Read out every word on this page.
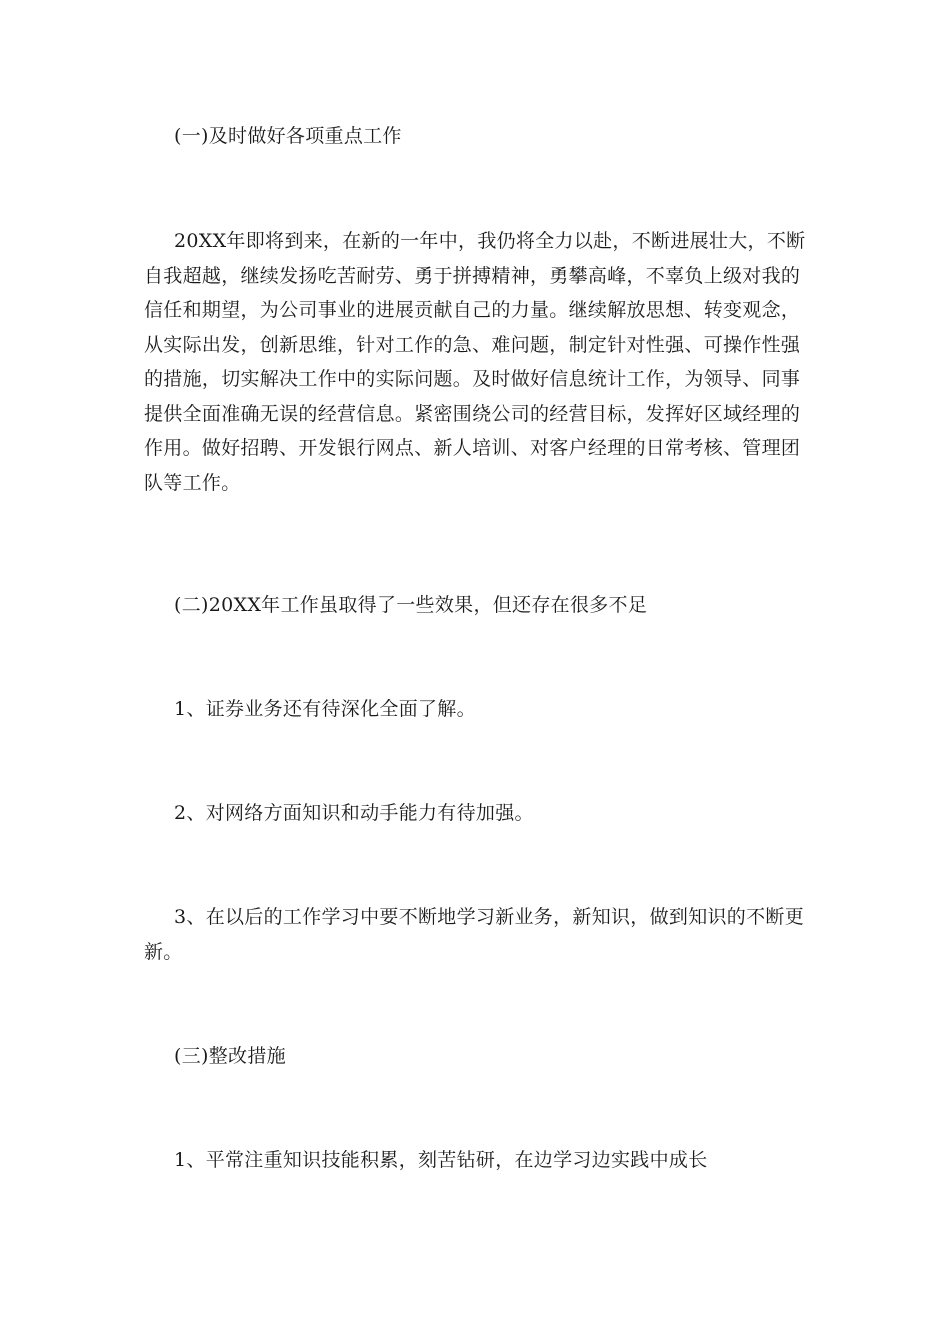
(一)及时做好各项重点工作

20XX年即将到来，在新的一年中，我仍将全力以赴，不断进展壮大，不断自我超越，继续发扬吃苦耐劳、勇于拼搏精神，勇攀高峰，不辜负上级对我的信任和期望，为公司事业的进展贡献自己的力量。继续解放思想、转变观念，从实际出发，创新思维，针对工作的急、难问题，制定针对性强、可操作性强的措施，切实解决工作中的实际问题。及时做好信息统计工作，为领导、同事提供全面准确无误的经营信息。紧密围绕公司的经营目标，发挥好区域经理的作用。做好招聘、开发银行网点、新人培训、对客户经理的日常考核、管理团队等工作。

(二)20XX年工作虽取得了一些效果，但还存在很多不足

1、证券业务还有待深化全面了解。

2、对网络方面知识和动手能力有待加强。

3、在以后的工作学习中要不断地学习新业务，新知识，做到知识的不断更新。

(三)整改措施

1、平常注重知识技能积累，刻苦钻研，在边学习边实践中成长
